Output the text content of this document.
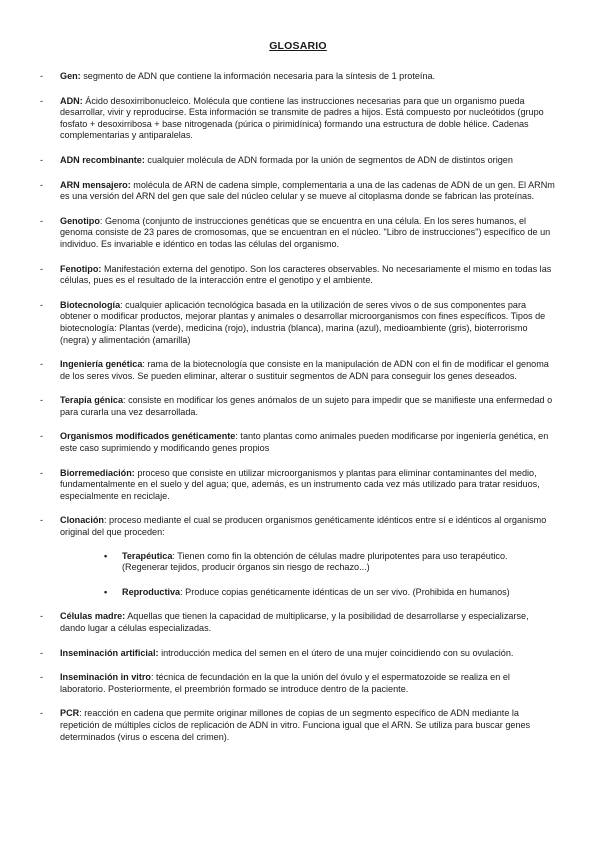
GLOSARIO
- Gen: segmento de ADN que contiene la información necesaria para la síntesis de 1 proteína.
- ADN: Ácido desoxirribonucleico. Molécula que contiene las instrucciones necesarias para que un organismo pueda desarrollar, vivir y reproducirse. Esta información se transmite de padres a hijos. Está compuesto por nucleótidos (grupo fosfato + desoxirribosa + base nitrogenada (púrica o pirimidínica) formando una estructura de doble hélice. Cadenas complementarias y antiparalelas.
- ADN recombinante: cualquier molécula de ADN formada por la unión de segmentos de ADN de distintos origen
- ARN mensajero: molécula de ARN de cadena simple, complementaria a una de las cadenas de ADN de un gen. El ARNm es una versión del ARN del gen que sale del núcleo celular y se mueve al citoplasma donde se fabrican las proteínas.
- Genotipo: Genoma (conjunto de instrucciones genéticas que se encuentra en una célula. En los seres humanos, el genoma consiste de 23 pares de cromosomas, que se encuentran en el núcleo. "Libro de instrucciones") específico de un individuo. Es invariable e idéntico en todas las células del organismo.
- Fenotipo: Manifestación externa del genotipo. Son los caracteres observables. No necesariamente el mismo en todas las células, pues es el resultado de la interacción entre el genotipo y el ambiente.
- Biotecnología: cualquier aplicación tecnológica basada en la utilización de seres vivos o de sus componentes para obtener o modificar productos, mejorar plantas y animales o desarrollar microorganismos con fines específicos. Tipos de biotecnología: Plantas (verde), medicina (rojo), industria (blanca), marina (azul), medioambiente (gris), bioterrorismo (negra) y alimentación (amarilla)
- Ingeniería genética: rama de la biotecnología que consiste en la manipulación de ADN con el fin de modificar el genoma de los seres vivos. Se pueden eliminar, alterar o sustituir segmentos de ADN para conseguir los genes deseados.
- Terapia génica: consiste en modificar los genes anómalos de un sujeto para impedir que se manifieste una enfermedad o para curarla una vez desarrollada.
- Organismos modificados genéticamente: tanto plantas como animales pueden modificarse por ingeniería genética, en este caso suprimiendo y modificando genes propios
- Biorremediación: proceso que consiste en utilizar microorganismos y plantas para eliminar contaminantes del medio, fundamentalmente en el suelo y del agua; que, además, es un instrumento cada vez más utilizado para tratar residuos, especialmente en reciclaje.
- Clonación: proceso mediante el cual se producen organismos genéticamente idénticos entre sí e idénticos al organismo original del que proceden:
• Terapéutica: Tienen como fin la obtención de células madre pluripotentes para uso terapéutico. (Regenerar tejidos, producir órganos sin riesgo de rechazo...)
• Reproductiva: Produce copias genéticamente idénticas de un ser vivo. (Prohibida en humanos)
- Células madre: Aquellas que tienen la capacidad de multiplicarse, y la posibilidad de desarrollarse y especializarse, dando lugar a células especializadas.
- Inseminación artificial: introducción medica del semen en el útero de una mujer coincidiendo con su ovulación.
- Inseminación in vitro: técnica de fecundación en la que la unión del óvulo y el espermatozoide se realiza en el laboratorio. Posteriormente, el preembrión formado se introduce dentro de la paciente.
- PCR: reacción en cadena que permite originar millones de copias de un segmento específico de ADN mediante la repetición de múltiples ciclos de replicación de ADN in vitro. Funciona igual que el ARN. Se utiliza para buscar genes determinados (virus o escena del crimen).
